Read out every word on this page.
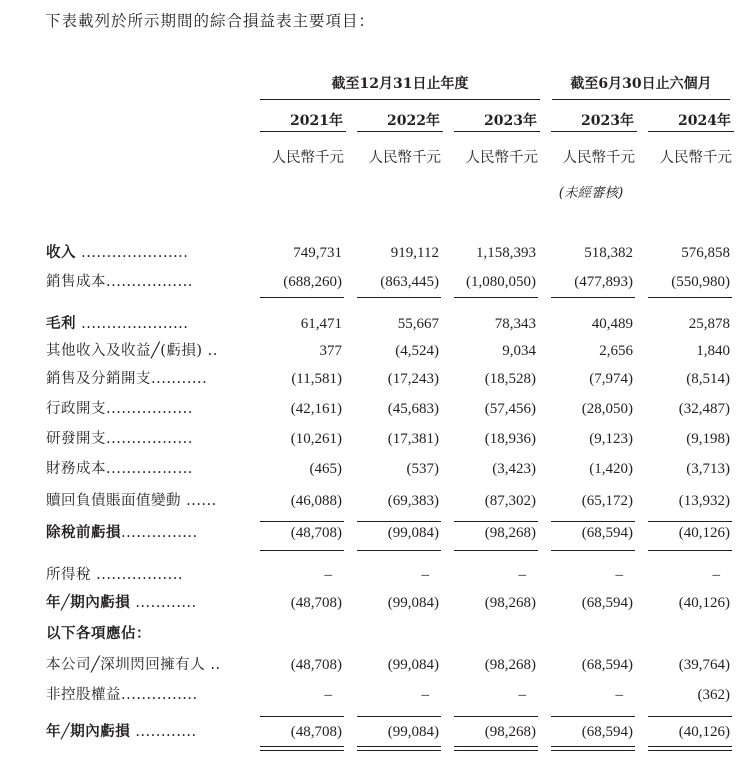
下表載列於所示期間的綜合損益表主要項目：
截至12月31日止年度	截至6月30日止六個月
2021年	2022年	2023年	2023年	2024年
人民幣千元	人民幣千元	人民幣千元	人民幣千元	人民幣千元
(未經審核)
收入 .....................	749,731	919,112	1,158,393	518,382	576,858
銷售成本.................	(688,260)	(863,445)	(1,080,050)	(477,893)	(550,980)
毛利 .....................	61,471	55,667	78,343	40,489	25,878
其他收入及收益╱(虧損) ..	377	(4,524)	9,034	2,656	1,840
銷售及分銷開支...........	(11,581)	(17,243)	(18,528)	(7,974)	(8,514)
行政開支.................	(42,161)	(45,683)	(57,456)	(28,050)	(32,487)
研發開支.................	(10,261)	(17,381)	(18,936)	(9,123)	(9,198)
財務成本.................	(465)	(537)	(3,423)	(1,420)	(3,713)
贖回負債賬面值變動 ......	(46,088)	(69,383)	(87,302)	(65,172)	(13,932)
除稅前虧損...............	(48,708)	(99,084)	(98,268)	(68,594)	(40,126)
所得稅 .................	–	–	–	–	–
年╱期內虧損 ............	(48,708)	(99,084)	(98,268)	(68,594)	(40,126)
以下各項應佔：
本公司╱深圳閃回擁有人 ..	(48,708)	(99,084)	(98,268)	(68,594)	(39,764)
非控股權益...............	–	–	–	–	(362)
年╱期內虧損 ............	(48,708)	(99,084)	(98,268)	(68,594)	(40,126)
